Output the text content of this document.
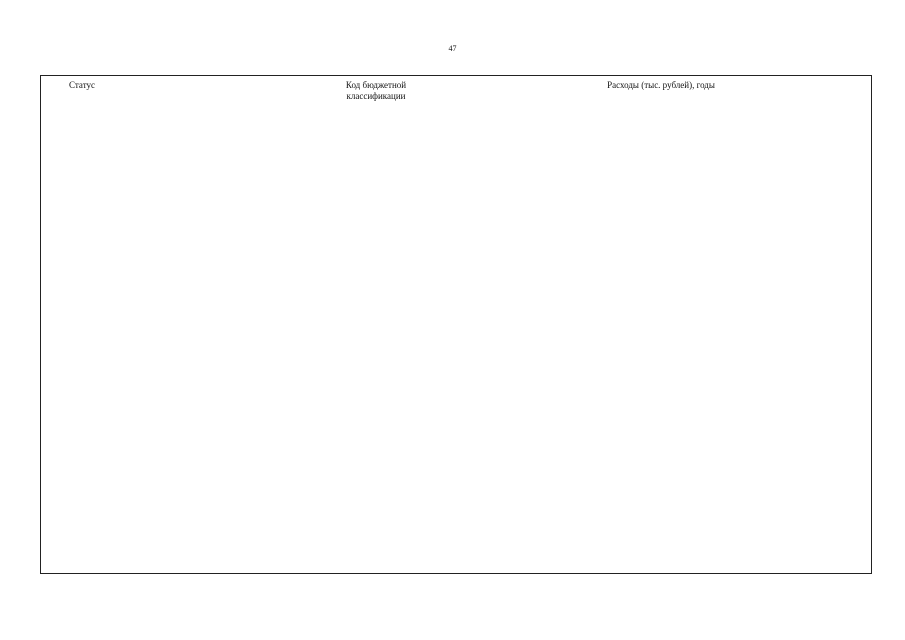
47
Статус	Код бюджетной классификации
Расходы (тыс. рублей), годы
